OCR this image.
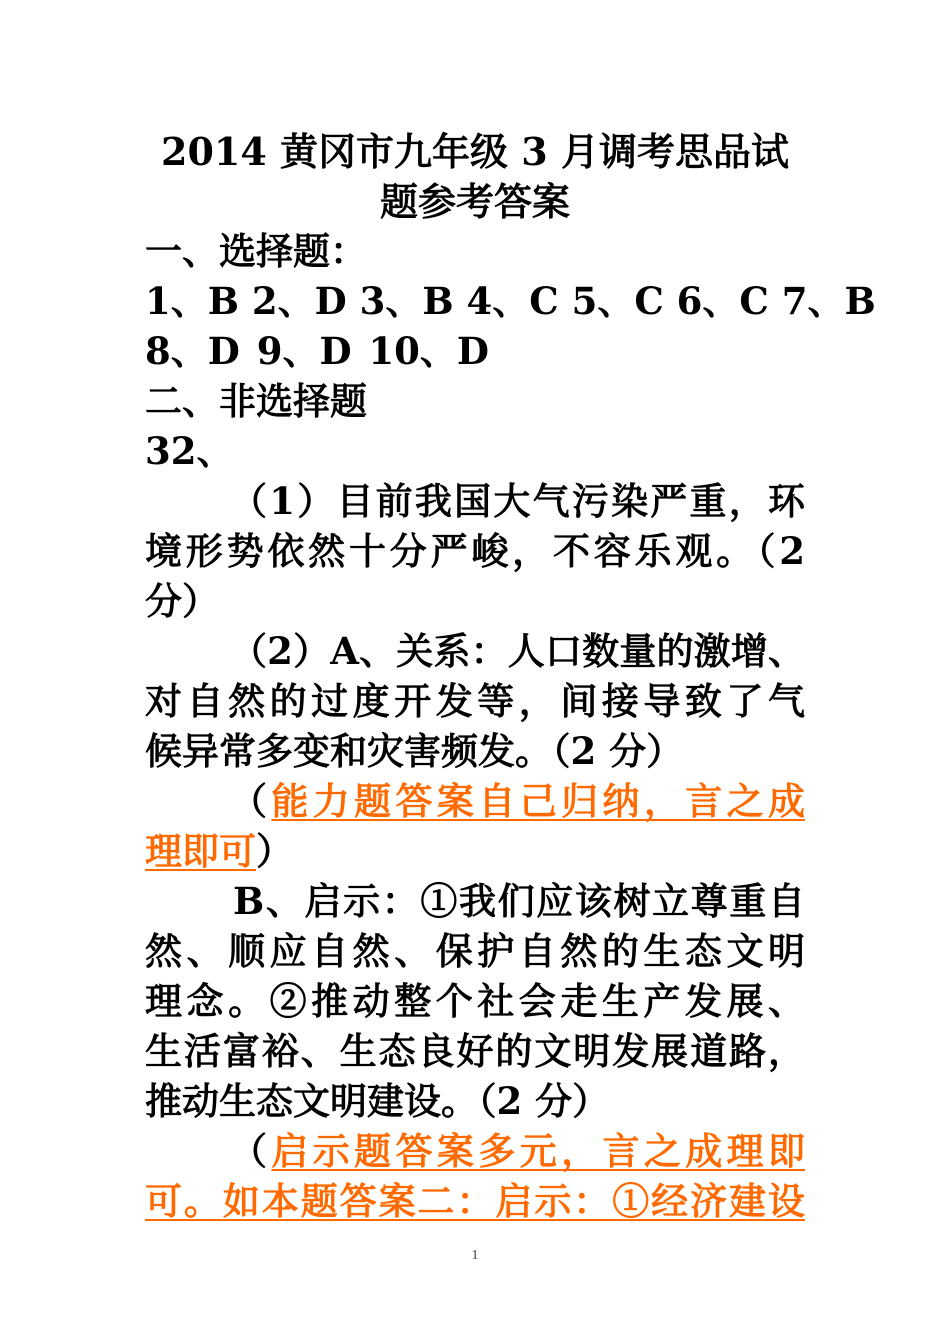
2014 黄冈市九年级 3 月调考思品试
题参考答案
一、选择题：
1、B 2、D 3、B 4、C 5、C 6、C 7、B
8、D 9、D 10、D
二、非选择题
32、
（1）目前我国大气污染严重，环
境形势依然十分严峻，不容乐观。（2
分）
（2）A、关系：人口数量的激增、
对自然的过度开发等，间接导致了气
候异常多变和灾害频发。（2 分）
（能力题答案自己归纳，言之成
理即可）
B、启示：①我们应该树立尊重自
然、顺应自然、保护自然的生态文明
理念。②推动整个社会走生产发展、
生活富裕、生态良好的文明发展道路，
推动生态文明建设。（2 分）
（启示题答案多元，言之成理即
可。如本题答案二：启示：①经济建设
1
